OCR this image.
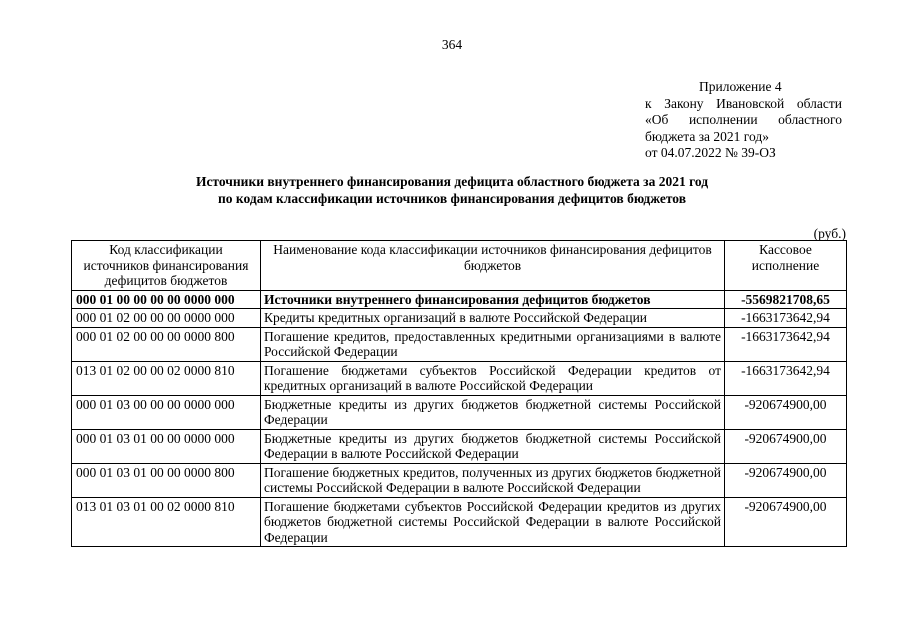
364
Приложение 4
к Закону Ивановской области
«Об исполнении областного
бюджета за 2021 год»
от 04.07.2022 № 39-ОЗ
Источники внутреннего финансирования дефицита областного бюджета за 2021 год
по кодам классификации источников финансирования дефицитов бюджетов
(руб.)
Код классификации источников финансирования дефицитов бюджетов	Наименование кода классификации источников финансирования дефицитов бюджетов	Кассовое исполнение
000 01 00 00 00 00 0000 000	Источники внутреннего финансирования дефицитов бюджетов	-5569821708,65
000 01 02 00 00 00 0000 000	Кредиты кредитных организаций в валюте Российской Федерации	-1663173642,94
000 01 02 00 00 00 0000 800	Погашение кредитов, предоставленных кредитными организациями в валюте Российской Федерации	-1663173642,94
013 01 02 00 00 02 0000 810	Погашение бюджетами субъектов Российской Федерации кредитов от кредитных организаций в валюте Российской Федерации	-1663173642,94
000 01 03 00 00 00 0000 000	Бюджетные кредиты из других бюджетов бюджетной системы Российской Федерации	-920674900,00
000 01 03 01 00 00 0000 000	Бюджетные кредиты из других бюджетов бюджетной системы Российской Федерации в валюте Российской Федерации	-920674900,00
000 01 03 01 00 00 0000 800	Погашение бюджетных кредитов, полученных из других бюджетов бюджетной системы Российской Федерации в валюте Российской Федерации	-920674900,00
013 01 03 01 00 02 0000 810	Погашение бюджетами субъектов Российской Федерации кредитов из других бюджетов бюджетной системы Российской Федерации в валюте Российской Федерации	-920674900,00
